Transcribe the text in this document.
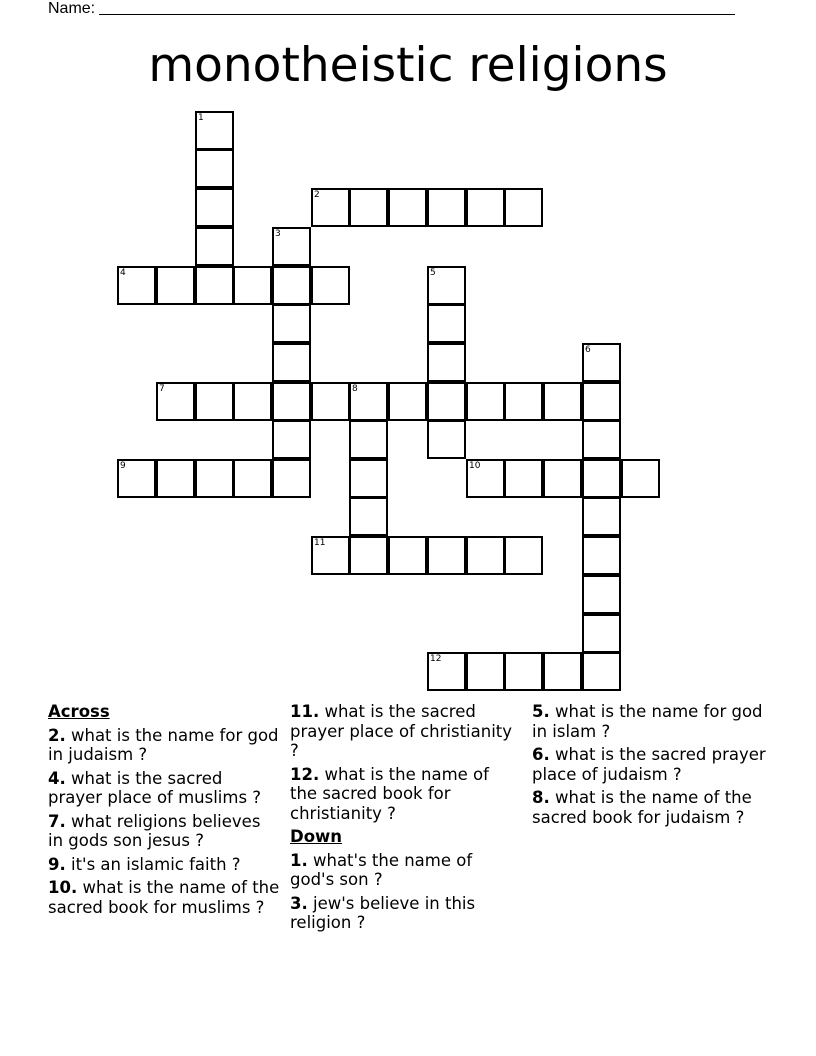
Name:
monotheistic religions
1
2
3
4	5
6
7	8
9	10
11
12

Across

2. what is the name for god in judaism ?

4. what is the sacred prayer place of muslims ?

7. what religions believes in gods son jesus ?

9. it's an islamic faith ?

10. what is the name of the sacred book for muslims ?

11. what is the sacred prayer place of christianity ?

12. what is the name of the sacred book for christianity ?

Down

1. what's the name of god's son ?

3. jew's believe in this religion ?

5. what is the name for god in islam ?

6. what is the sacred prayer place of judaism ?

8. what is the name of the sacred book for judaism ?
